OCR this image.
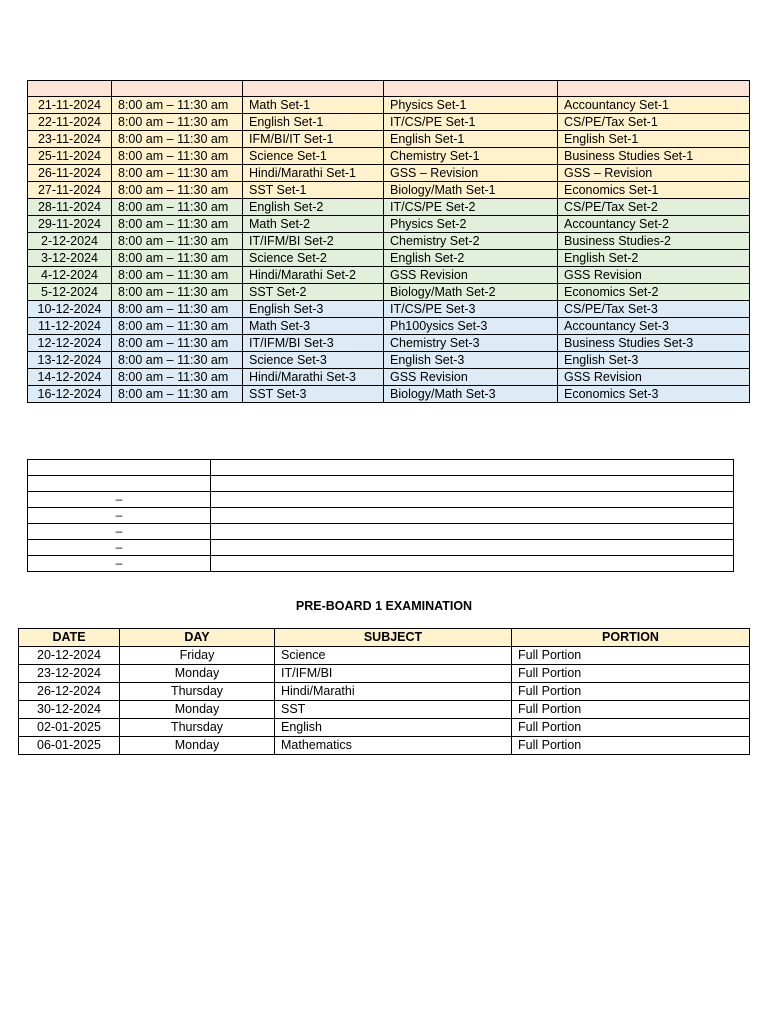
21-11-2024	8:00 am – 11:30 am	Math Set-1	Physics Set-1	Accountancy Set-1
22-11-2024	8:00 am – 11:30 am	English Set-1	IT/CS/PE Set-1	CS/PE/Tax Set-1
23-11-2024	8:00 am – 11:30 am	IFM/BI/IT Set-1	English Set-1	English Set-1
25-11-2024	8:00 am – 11:30 am	Science Set-1	Chemistry Set-1	Business Studies Set-1
26-11-2024	8:00 am – 11:30 am	Hindi/Marathi Set-1	GSS – Revision	GSS – Revision
27-11-2024	8:00 am – 11:30 am	SST Set-1	Biology/Math Set-1	Economics Set-1
28-11-2024	8:00 am – 11:30 am	English Set-2	IT/CS/PE Set-2	CS/PE/Tax Set-2
29-11-2024	8:00 am – 11:30 am	Math Set-2	Physics Set-2	Accountancy Set-2
2-12-2024	8:00 am – 11:30 am	IT/IFM/BI Set-2	Chemistry Set-2	Business Studies-2
3-12-2024	8:00 am – 11:30 am	Science Set-2	English Set-2	English Set-2
4-12-2024	8:00 am – 11:30 am	Hindi/Marathi Set-2	GSS Revision	GSS Revision
5-12-2024	8:00 am – 11:30 am	SST Set-2	Biology/Math Set-2	Economics Set-2
10-12-2024	8:00 am – 11:30 am	English Set-3	IT/CS/PE Set-3	CS/PE/Tax Set-3
11-12-2024	8:00 am – 11:30 am	Math Set-3	Ph100ysics Set-3	Accountancy Set-3
12-12-2024	8:00 am – 11:30 am	IT/IFM/BI Set-3	Chemistry Set-3	Business Studies Set-3
13-12-2024	8:00 am – 11:30 am	Science Set-3	English Set-3	English Set-3
14-12-2024	8:00 am – 11:30 am	Hindi/Marathi Set-3	GSS Revision	GSS Revision
16-12-2024	8:00 am – 11:30 am	SST Set-3	Biology/Math Set-3	Economics Set-3

–	
–	
–	
–	
–	
PRE-BOARD 1 EXAMINATION
DATE	DAY	SUBJECT	PORTION
20-12-2024	Friday	Science	Full Portion
23-12-2024	Monday	IT/IFM/BI	Full Portion
26-12-2024	Thursday	Hindi/Marathi	Full Portion
30-12-2024	Monday	SST	Full Portion
02-01-2025	Thursday	English	Full Portion
06-01-2025	Monday	Mathematics	Full Portion
